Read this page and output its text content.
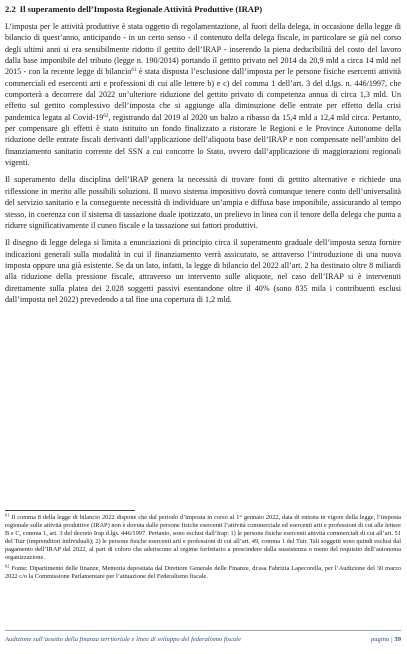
2.2 Il superamento dell’Imposta Regionale Attività Produttive (IRAP)

L’imposta per le attività produttive è stata oggetto di regolamentazione, al fuori della delega, in occasione della legge di bilancio di quest’anno, anticipando - in un certo senso - il contenuto della delega fiscale, in particolare se già nel corso degli ultimi anni si era sensibilmente ridotto il gettito dell’IRAP - inserendo la piena deducibilità del costo del lavoro dalla base imponibile del tributo (legge n. 190/2014) portando il gettito privato nel 2014 da 20,9 mld a circa 14 mld nel 2015 - con la recente legge di bilancio$^{61}$ è stata disposta l’esclusione dall’imposta per le persone fisiche esercenti attività commerciali ed esercenti arti e professioni di cui alle lettere b) e c) del comma 1 dell’art. 3 del d.lgs. n. 446/1997, che comporterà a decorrere dal 2022 un’ulteriore riduzione del gettito privato di competenza annua di circa 1,3 mld. Un effetto sul gettito complessivo dell’imposta che si aggiunge alla diminuzione delle entrate per effetto della crisi pandemica legata al Covid-$19^{62}$, registrando dal 2019 al 2020 un balzo a ribasso da 15,4 mld a 12,4 mld circa. Pertanto, per compensare gli effetti è stato istituito un fondo finalizzato a ristorare le Regioni e le Province Autonome della riduzione delle entrate fiscali derivanti dall’applicazione dell’aliquota base dell’IRAP e non compensate nell’ambito del finanziamento sanitario corrente del SSN a cui concorre lo Stato, ovvero dall’applicazione di maggiorazioni regionali vigenti.

Il superamento della disciplina dell’IRAP genera la necessità di trovare fonti di gettito alternative e richiede una riflessione in merito alle possibili soluzioni. Il nuovo sistema impositivo dovrà comunque tenere conto dell’universalità del servizio sanitario e la conseguente necessità di individuare un’ampia e diffusa base imponibile, assicurando al tempo stesso, in coerenza con il sistema di tassazione duale ipotizzato, un prelievo in linea con il tenore della delega che punta a ridurre significativamente il cuneo fiscale e la tassazione sui fattori produttivi.

Il disegno di legge delega si limita a enunciazioni di principio circa il superamento graduale dell’imposta senza fornire indicazioni generali sulla modalità in cui il finanziamento verrà assicurato, se attraverso l’introduzione di una nuova imposta oppure una già esistente. Se da un lato, infatti, la legge di bilancio del 2022 all’art. 2 ha destinato oltre 8 miliardi alla riduzione della pressione fiscale, attraverso un intervento sulle aliquote, nel caso dell’IRAP si è intervenuti direttamente sulla platea dei 2.028 soggetti passivi esentandone oltre il 40% (sono 835 mila i contribuenti esclusi dall’imposta nel 2022) prevedendo a tal fine una copertura di 1,2 mld.

$^{61}$ Il comma 8 della legge di bilancio 2022 dispone che dal periodo d’imposta in corso al 1° gennaio 2022, data di entrata in vigore della legge, l’imposta regionale sulle attività produttive (IRAP) non è dovuta dalle persone fisiche esercenti l’attività commerciale ed esercenti arti e professioni di cui alle lettere B e C, comma 1, art. 3 del decreto Irap d.lgs. 446/1997. Pertanto, sono esclusi dall’Irap: 1) le persone fisiche esercenti attività commerciali di cui all’art. 51 del Tuir (imprenditori individuali); 2) le persone fisiche esercenti arti e professioni di cui all’art. 49, comma 1 del Tuir. Tali soggetti sono quindi esclusi dal pagamento dell’IRAP dal 2022, al pari di coloro che aderiscono al regime forfettario a prescindere dalla sussistenza o meno del requisito dell’autonoma organizzazione.

$^{62}$ Fonte: Dipartimento delle finanze, Memoria depositata dal Direttore Generale delle Finanze, dr.ssa Fabrizia Lapecorella, per l’Audizione del 30 marzo 2022 c/o la Commissione Parlamentare per l’attuazione del Federalismo fiscale.

Audizione sull’assetto della finanza territoriale e linee di sviluppo del federalismo fiscale	pagina | 39
